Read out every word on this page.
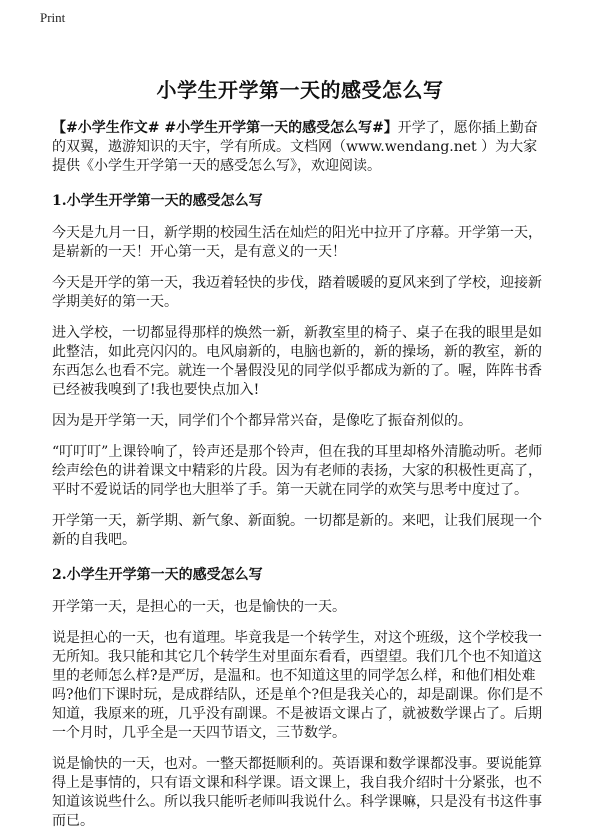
Print
小学生开学第一天的感受怎么写
【#小学生作文# #小学生开学第一天的感受怎么写#】开学了，愿你插上勤奋的双翼，遨游知识的天宇，学有所成。文档网（www.wendang.net ）为大家提供《小学生开学第一天的感受怎么写》，欢迎阅读。
1.小学生开学第一天的感受怎么写

今天是九月一日，新学期的校园生活在灿烂的阳光中拉开了序幕。开学第一天，是崭新的一天！开心第一天，是有意义的一天！

今天是开学的第一天，我迈着轻快的步伐，踏着暖暖的夏风来到了学校，迎接新学期美好的第一天。

进入学校，一切都显得那样的焕然一新，新教室里的椅子、桌子在我的眼里是如此整洁，如此亮闪闪的。电风扇新的，电脑也新的，新的操场，新的教室，新的东西怎么也看不完。就连一个暑假没见的同学似乎都成为新的了。喔，阵阵书香已经被我嗅到了!我也要快点加入!

因为是开学第一天，同学们个个都异常兴奋，是像吃了振奋剂似的。

“叮叮叮”上课铃响了，铃声还是那个铃声，但在我的耳里却格外清脆动听。老师绘声绘色的讲着课文中精彩的片段。因为有老师的表扬，大家的积极性更高了，平时不爱说话的同学也大胆举了手。第一天就在同学的欢笑与思考中度过了。

开学第一天，新学期、新气象、新面貌。一切都是新的。来吧，让我们展现一个新的自我吧。

2.小学生开学第一天的感受怎么写

开学第一天，是担心的一天，也是愉快的一天。

说是担心的一天，也有道理。毕竟我是一个转学生，对这个班级，这个学校我一无所知。我只能和其它几个转学生对里面东看看，西望望。我们几个也不知道这里的老师怎么样?是严厉，是温和。也不知道这里的同学怎么样，和他们相处难吗?他们下课时玩，是成群结队，还是单个?但是我关心的，却是副课。你们是不知道，我原来的班，几乎没有副课。不是被语文课占了，就被数学课占了。后期一个月时，几乎全是一天四节语文，三节数学。

说是愉快的一天，也对。一整天都挺顺利的。英语课和数学课都没事。要说能算得上是事情的，只有语文课和科学课。语文课上，我自我介绍时十分紧张，也不知道该说些什么。所以我只能听老师叫我说什么。科学课嘛，只是没有书这件事而已。
